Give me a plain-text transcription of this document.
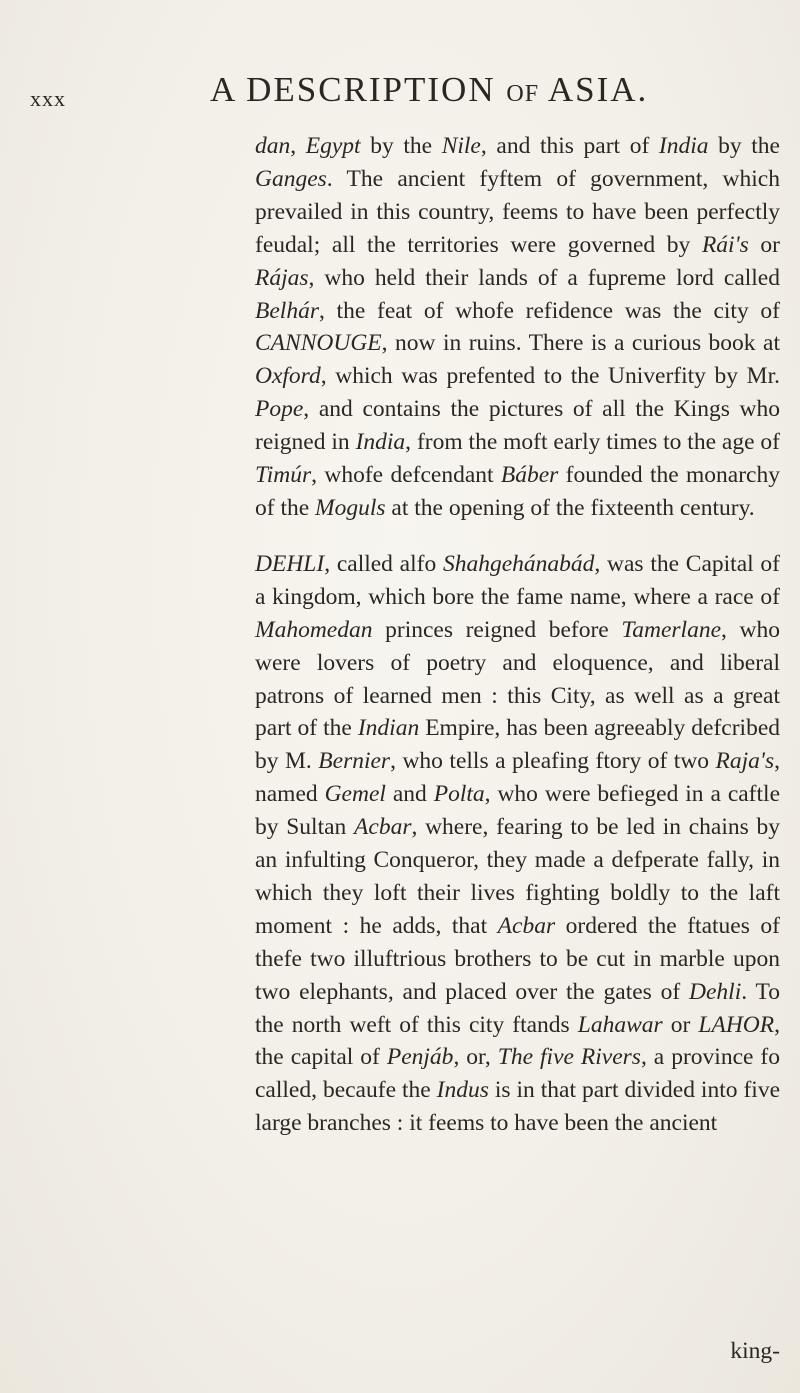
xxx	A DESCRIPTION OF ASIA.

dan, Egypt by the Nile, and this part of India by the Ganges. The ancient fyftem of government, which prevailed in this country, feems to have been perfectly feudal; all the territories were governed by Rái's or Rájas, who held their lands of a fupreme lord called Belhár, the feat of whofe refidence was the city of CANNOUGE, now in ruins. There is a curious book at Oxford, which was prefented to the Univerfity by Mr. Pope, and contains the pictures of all the Kings who reigned in India, from the moft early times to the age of Timúr, whofe defcendant Báber founded the monarchy of the Moguls at the opening of the fixteenth century.

DEHLI, called alfo Shahgehánabád, was the Capital of a kingdom, which bore the fame name, where a race of Mahomedan princes reigned before Tamerlane, who were lovers of poetry and eloquence, and liberal patrons of learned men : this City, as well as a great part of the Indian Empire, has been agreeably defcribed by M. Bernier, who tells a pleafing ftory of two Raja's, named Gemel and Polta, who were befieged in a caftle by Sultan Acbar, where, fearing to be led in chains by an infulting Conqueror, they made a defperate fally, in which they loft their lives fighting boldly to the laft moment : he adds, that Acbar ordered the ftatues of thefe two illuftrious brothers to be cut in marble upon two elephants, and placed over the gates of Dehli. To the north weft of this city ftands Lahawar or LAHOR, the capital of Penjáb, or, The five Rivers, a province fo called, becaufe the Indus is in that part divided into five large branches : it feems to have been the ancient

king-
